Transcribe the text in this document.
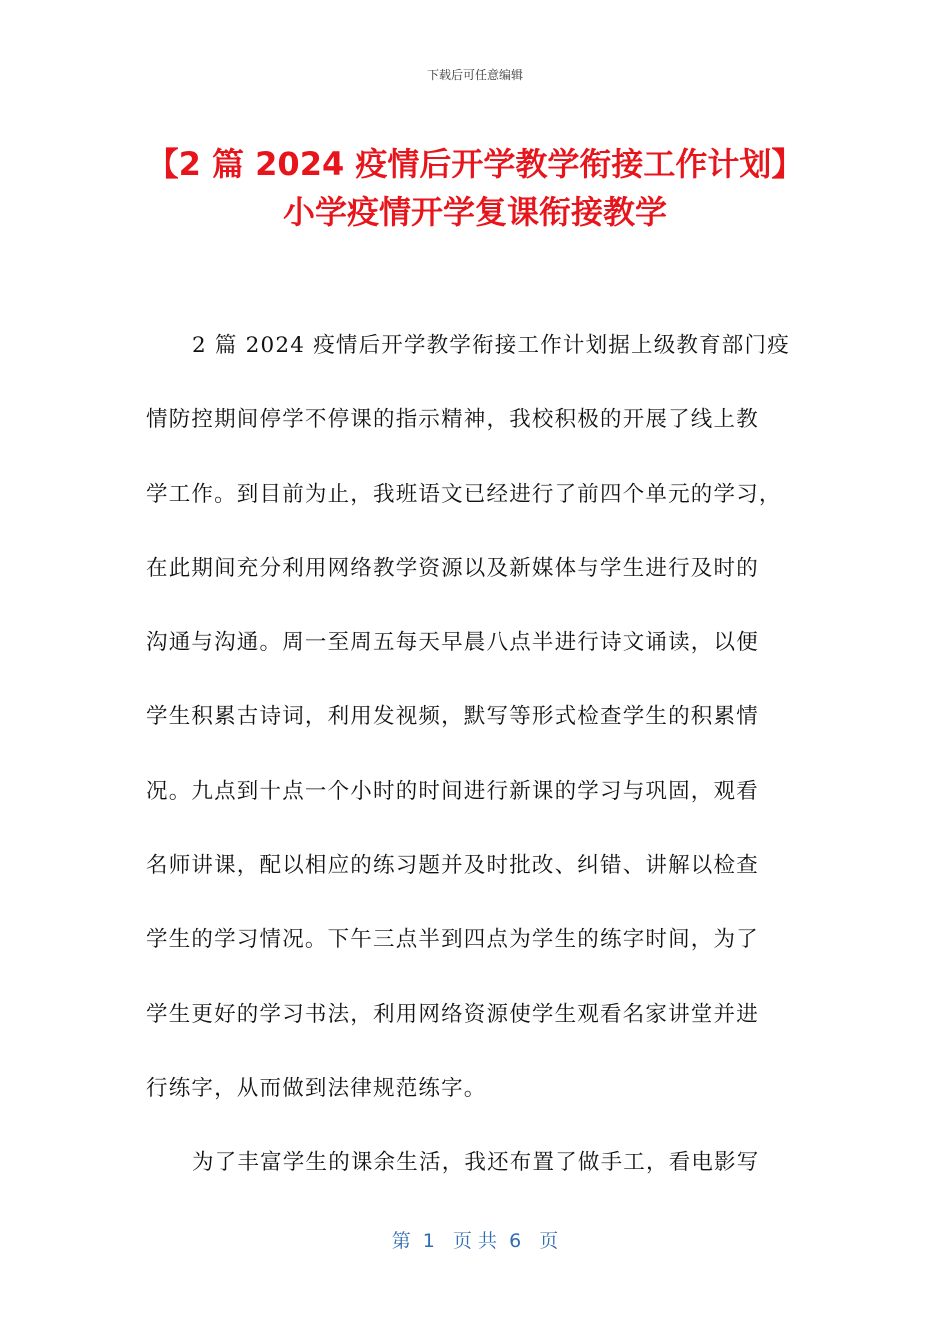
下载后可任意编辑
【2 篇 2024 疫情后开学教学衔接工作计划】
小学疫情开学复课衔接教学
2 篇 2024 疫情后开学教学衔接工作计划据上级教育部门疫
情防控期间停学不停课的指示精神，我校积极的开展了线上教
学工作。到目前为止，我班语文已经进行了前四个单元的学习，
在此期间充分利用网络教学资源以及新媒体与学生进行及时的
沟通与沟通。周一至周五每天早晨八点半进行诗文诵读，以便
学生积累古诗词，利用发视频，默写等形式检查学生的积累情
况。九点到十点一个小时的时间进行新课的学习与巩固，观看
名师讲课，配以相应的练习题并及时批改、纠错、讲解以检查
学生的学习情况。下午三点半到四点为学生的练字时间，为了
学生更好的学习书法，利用网络资源使学生观看名家讲堂并进
行练字，从而做到法律规范练字。
为了丰富学生的课余生活，我还布置了做手工，看电影写
第  1   页 共  6   页
